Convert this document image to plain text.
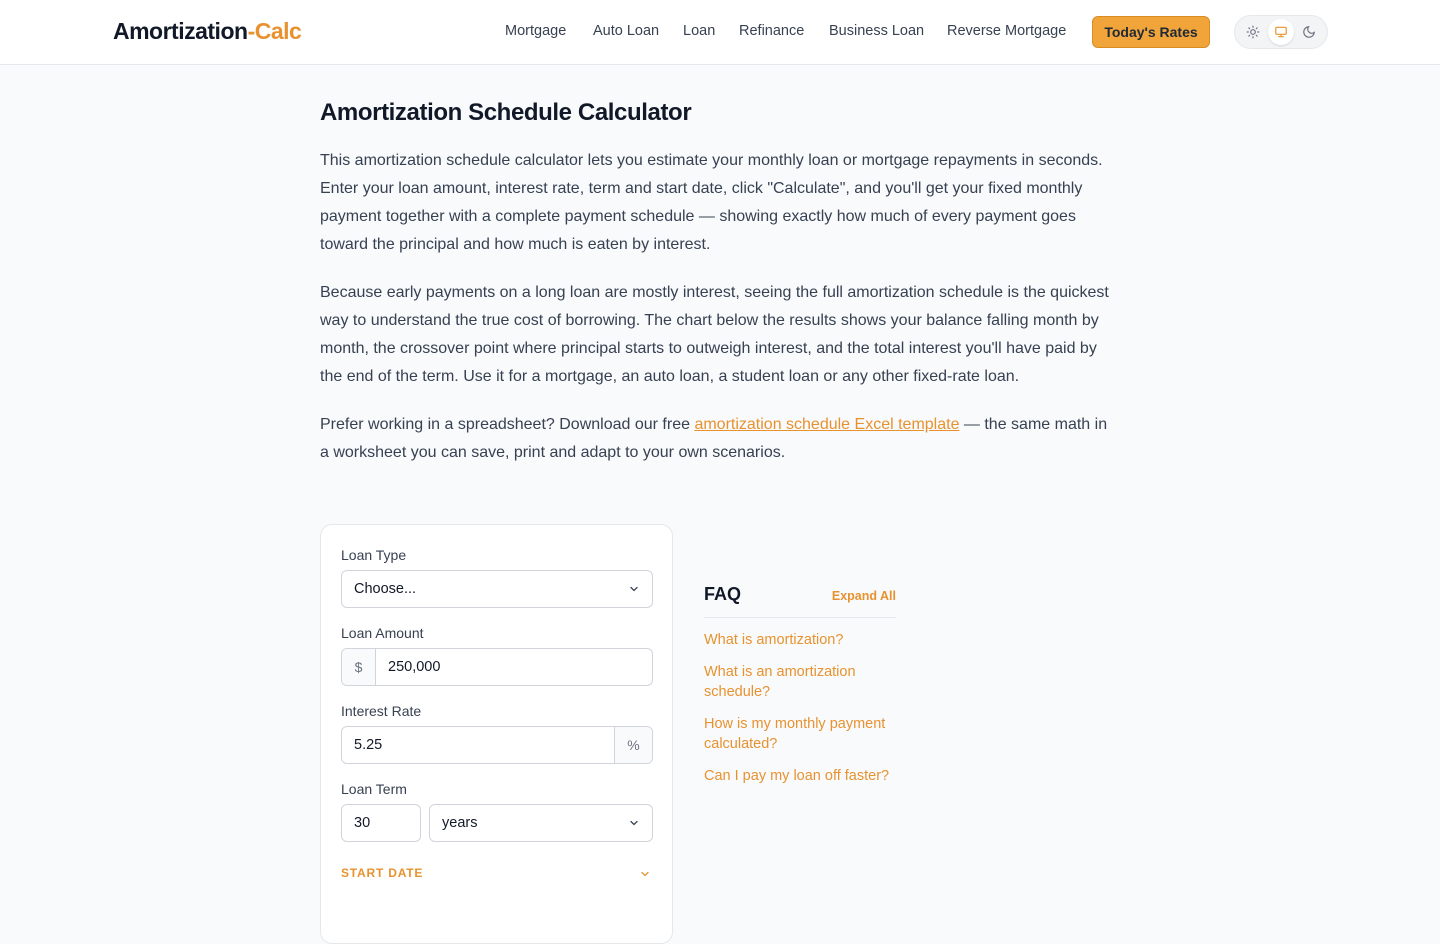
Amortization-Calc	Mortgage Auto Loan Loan Refinance Business Loan Reverse Mortgage	Today's Rates
Amortization Schedule Calculator

This amortization schedule calculator lets you estimate your monthly loan or mortgage repayments in seconds. Enter your loan amount, interest rate, term and start date, click "Calculate", and you'll get your fixed monthly payment together with a complete payment schedule — showing exactly how much of every payment goes toward the principal and how much is eaten by interest.

Because early payments on a long loan are mostly interest, seeing the full amortization schedule is the quickest way to understand the true cost of borrowing. The chart below the results shows your balance falling month by month, the crossover point where principal starts to outweigh interest, and the total interest you'll have paid by the end of the term. Use it for a mortgage, an auto loan, a student loan or any other fixed-rate loan.

Prefer working in a spreadsheet? Download our free amortization schedule Excel template — the same math in a worksheet you can save, print and adapt to your own scenarios.

Loan Type
Choose...
Loan Amount
$	250,000
Interest Rate
5.25	%
Loan Term
30	years
START DATE
FAQ	Expand All
What is amortization?
What is an amortization schedule?
How is my monthly payment calculated?
Can I pay my loan off faster?
